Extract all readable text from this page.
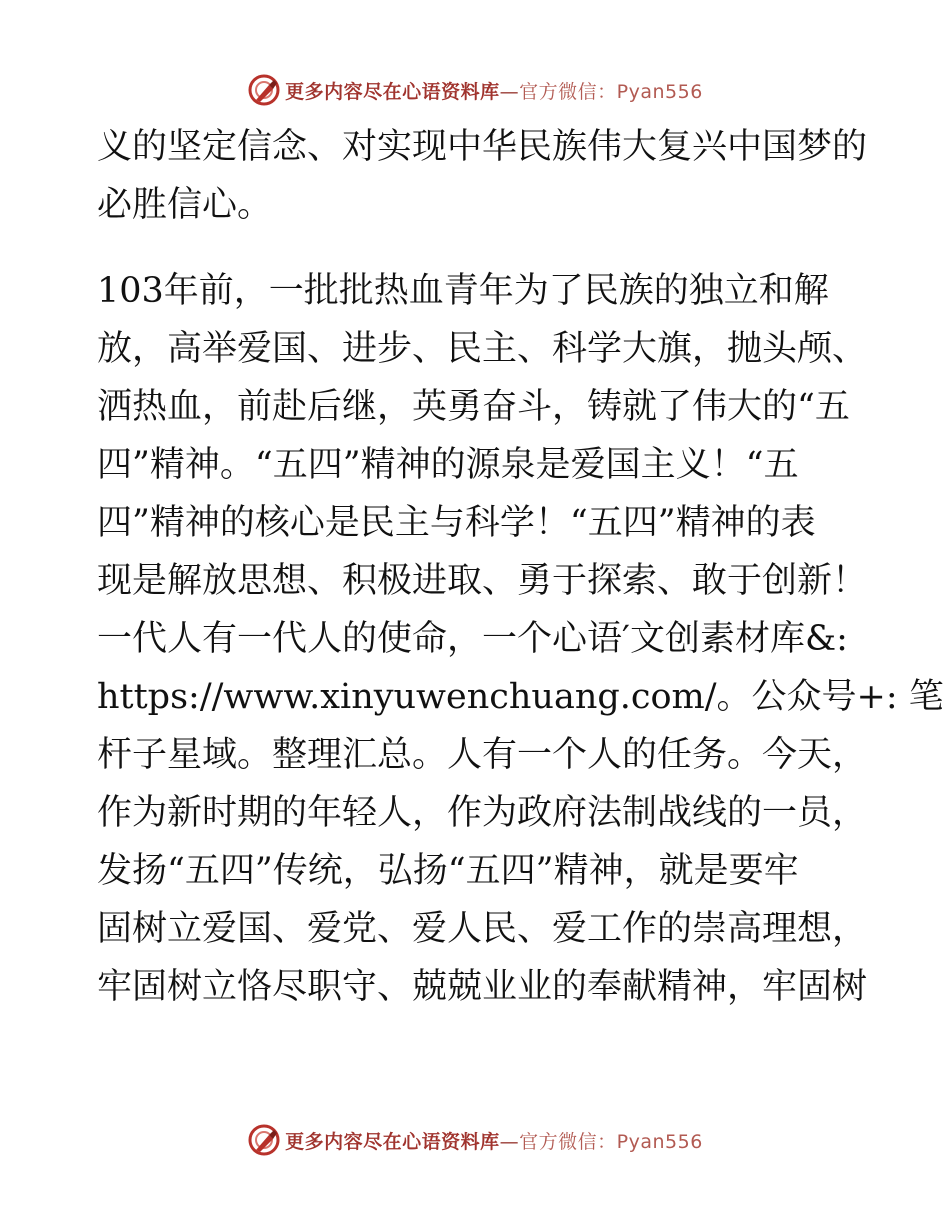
更多内容尽在心语资料库—官方微信：Pyan556
义的坚定信念、对实现中华民族伟大复兴中国梦的
必胜信心。
103年前，一批批热血青年为了民族的独立和解
放，高举爱国、进步、民主、科学大旗，抛头颅、
洒热血，前赴后继，英勇奋斗，铸就了伟大的“五
四”精神。“五四”精神的源泉是爱国主义！“五
四”精神的核心是民主与科学！“五四”精神的表
现是解放思想、积极进取、勇于探索、敢于创新！
一代人有一代人的使命，一个心语′文创素材库&:
https://www.xinyuwenchuang.com/。公众号+: 笔
杆子星域。整理汇总。人有一个人的任务。今天，
作为新时期的年轻人，作为政府法制战线的一员，
发扬“五四”传统，弘扬“五四”精神，就是要牢
固树立爱国、爱党、爱人民、爱工作的崇高理想，
牢固树立恪尽职守、兢兢业业的奉献精神，牢固树
更多内容尽在心语资料库—官方微信：Pyan556
